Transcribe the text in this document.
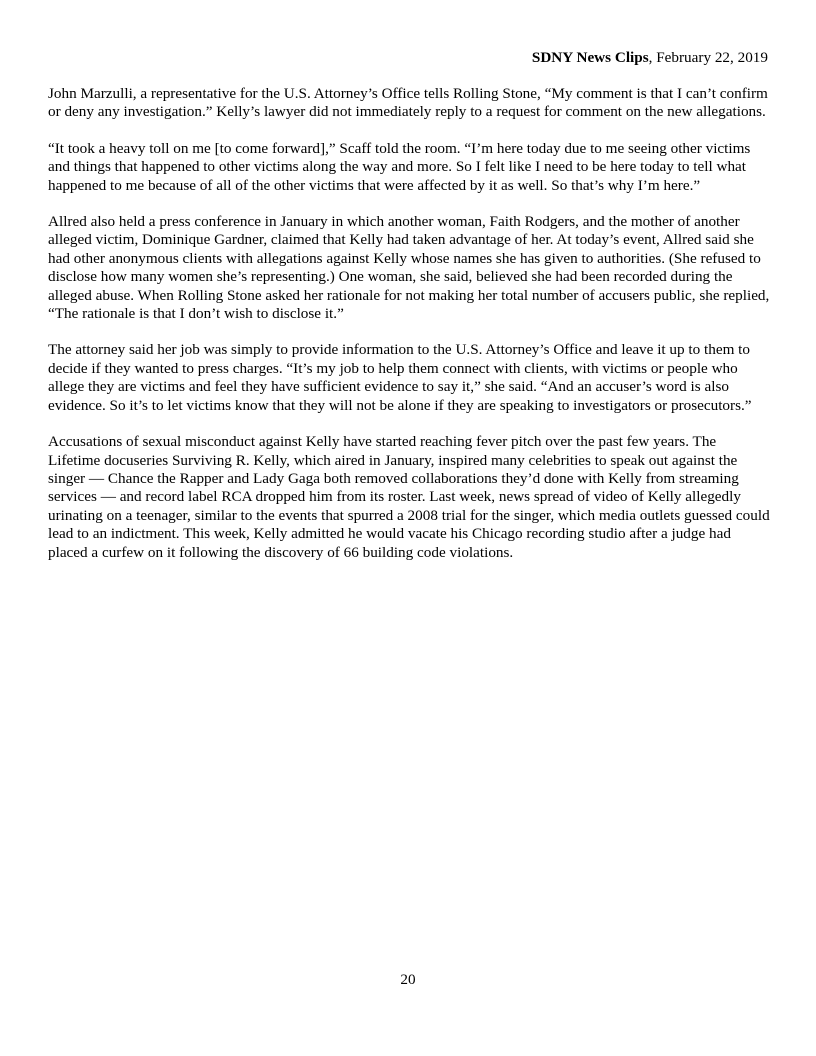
SDNY News Clips, February 22, 2019

John Marzulli, a representative for the U.S. Attorney’s Office tells Rolling Stone, “My comment is that I can’t confirm or deny any investigation.” Kelly’s lawyer did not immediately reply to a request for comment on the new allegations.

“It took a heavy toll on me [to come forward],” Scaff told the room. “I’m here today due to me seeing other victims and things that happened to other victims along the way and more. So I felt like I need to be here today to tell what happened to me because of all of the other victims that were affected by it as well. So that’s why I’m here.”

Allred also held a press conference in January in which another woman, Faith Rodgers, and the mother of another alleged victim, Dominique Gardner, claimed that Kelly had taken advantage of her. At today’s event, Allred said she had other anonymous clients with allegations against Kelly whose names she has given to authorities. (She refused to disclose how many women she’s representing.) One woman, she said, believed she had been recorded during the alleged abuse. When Rolling Stone asked her rationale for not making her total number of accusers public, she replied, “The rationale is that I don’t wish to disclose it.”

The attorney said her job was simply to provide information to the U.S. Attorney’s Office and leave it up to them to decide if they wanted to press charges. “It’s my job to help them connect with clients, with victims or people who allege they are victims and feel they have sufficient evidence to say it,” she said. “And an accuser’s word is also evidence. So it’s to let victims know that they will not be alone if they are speaking to investigators or prosecutors.”

Accusations of sexual misconduct against Kelly have started reaching fever pitch over the past few years. The Lifetime docuseries Surviving R. Kelly, which aired in January, inspired many celebrities to speak out against the singer — Chance the Rapper and Lady Gaga both removed collaborations they’d done with Kelly from streaming services — and record label RCA dropped him from its roster. Last week, news spread of video of Kelly allegedly urinating on a teenager, similar to the events that spurred a 2008 trial for the singer, which media outlets guessed could lead to an indictment. This week, Kelly admitted he would vacate his Chicago recording studio after a judge had placed a curfew on it following the discovery of 66 building code violations.

20
